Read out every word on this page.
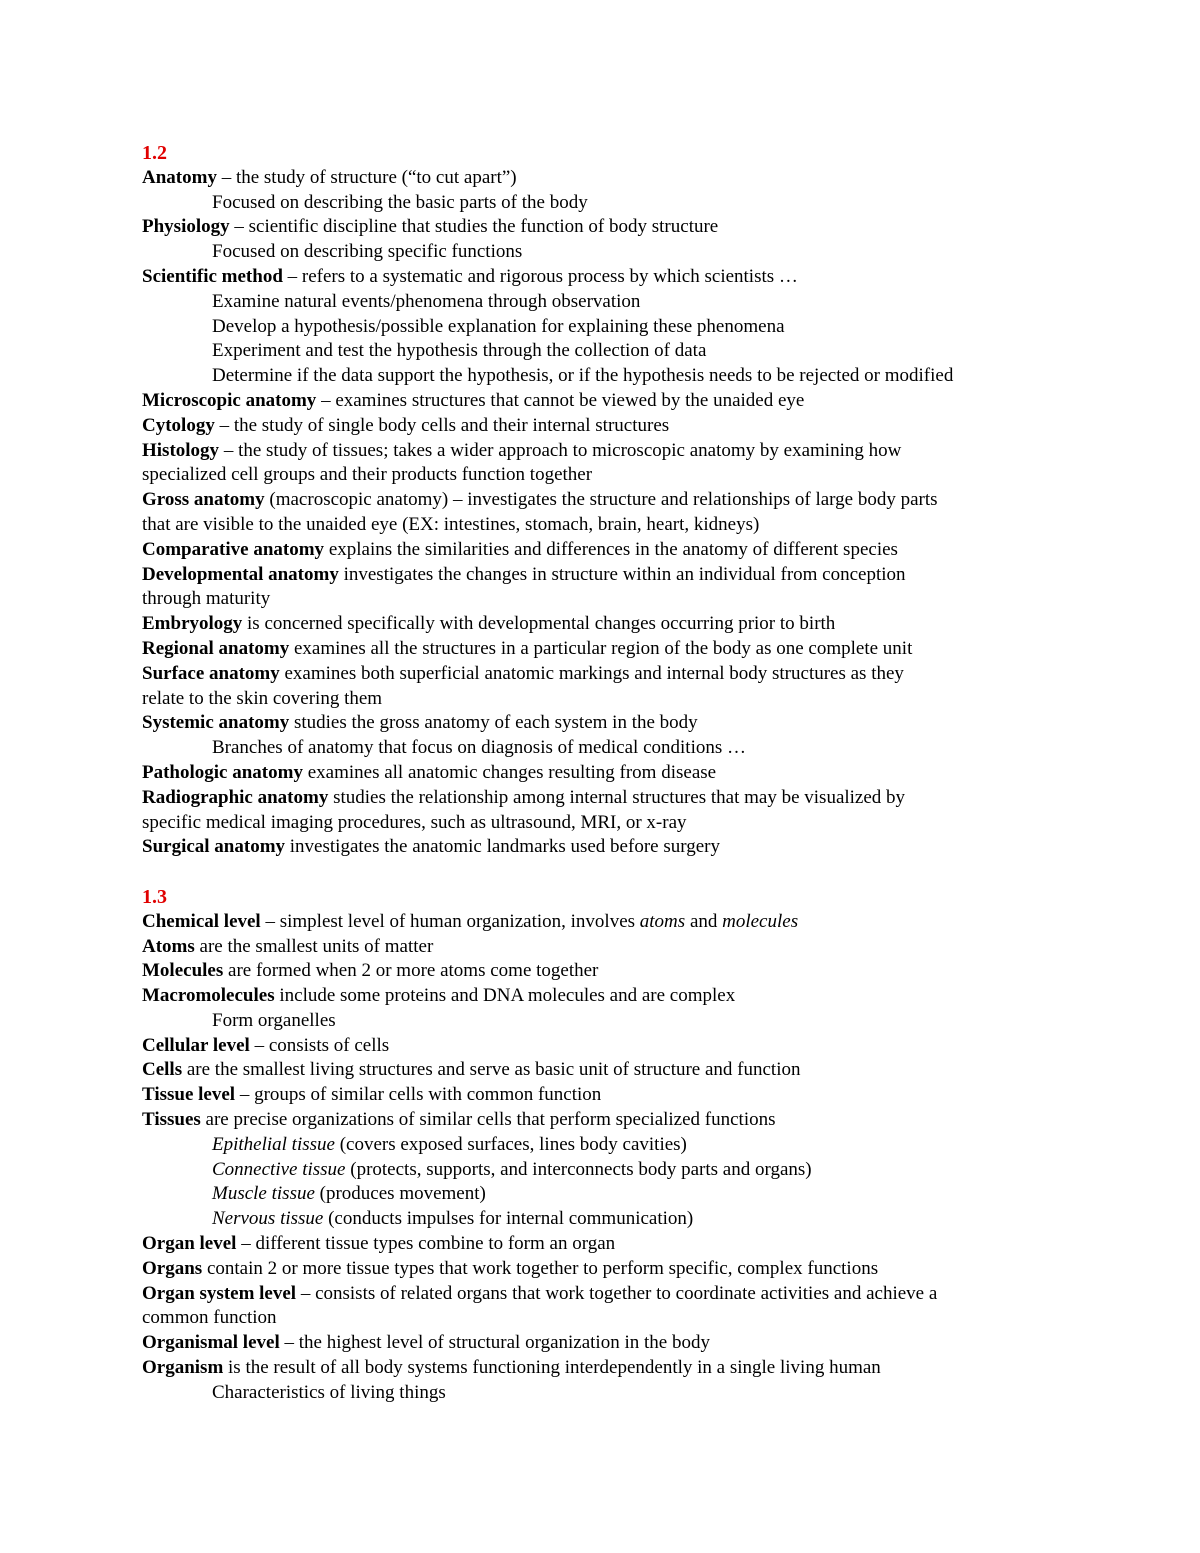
1.2
Anatomy – the study of structure (“to cut apart”)
Focused on describing the basic parts of the body
Physiology – scientific discipline that studies the function of body structure
Focused on describing specific functions
Scientific method – refers to a systematic and rigorous process by which scientists …
Examine natural events/phenomena through observation
Develop a hypothesis/possible explanation for explaining these phenomena
Experiment and test the hypothesis through the collection of data
Determine if the data support the hypothesis, or if the hypothesis needs to be rejected or modified
Microscopic anatomy – examines structures that cannot be viewed by the unaided eye
Cytology – the study of single body cells and their internal structures
Histology – the study of tissues; takes a wider approach to microscopic anatomy by examining how
specialized cell groups and their products function together
Gross anatomy (macroscopic anatomy) – investigates the structure and relationships of large body parts
that are visible to the unaided eye (EX: intestines, stomach, brain, heart, kidneys)
Comparative anatomy explains the similarities and differences in the anatomy of different species
Developmental anatomy investigates the changes in structure within an individual from conception
through maturity
Embryology is concerned specifically with developmental changes occurring prior to birth
Regional anatomy examines all the structures in a particular region of the body as one complete unit
Surface anatomy examines both superficial anatomic markings and internal body structures as they
relate to the skin covering them
Systemic anatomy studies the gross anatomy of each system in the body
Branches of anatomy that focus on diagnosis of medical conditions …
Pathologic anatomy examines all anatomic changes resulting from disease
Radiographic anatomy studies the relationship among internal structures that may be visualized by
specific medical imaging procedures, such as ultrasound, MRI, or x-ray
Surgical anatomy investigates the anatomic landmarks used before surgery
1.3
Chemical level – simplest level of human organization, involves atoms and molecules
Atoms are the smallest units of matter
Molecules are formed when 2 or more atoms come together
Macromolecules include some proteins and DNA molecules and are complex
Form organelles
Cellular level – consists of cells
Cells are the smallest living structures and serve as basic unit of structure and function
Tissue level – groups of similar cells with common function
Tissues are precise organizations of similar cells that perform specialized functions
Epithelial tissue (covers exposed surfaces, lines body cavities)
Connective tissue (protects, supports, and interconnects body parts and organs)
Muscle tissue (produces movement)
Nervous tissue (conducts impulses for internal communication)
Organ level – different tissue types combine to form an organ
Organs contain 2 or more tissue types that work together to perform specific, complex functions
Organ system level – consists of related organs that work together to coordinate activities and achieve a
common function
Organismal level – the highest level of structural organization in the body
Organism is the result of all body systems functioning interdependently in a single living human
Characteristics of living things
